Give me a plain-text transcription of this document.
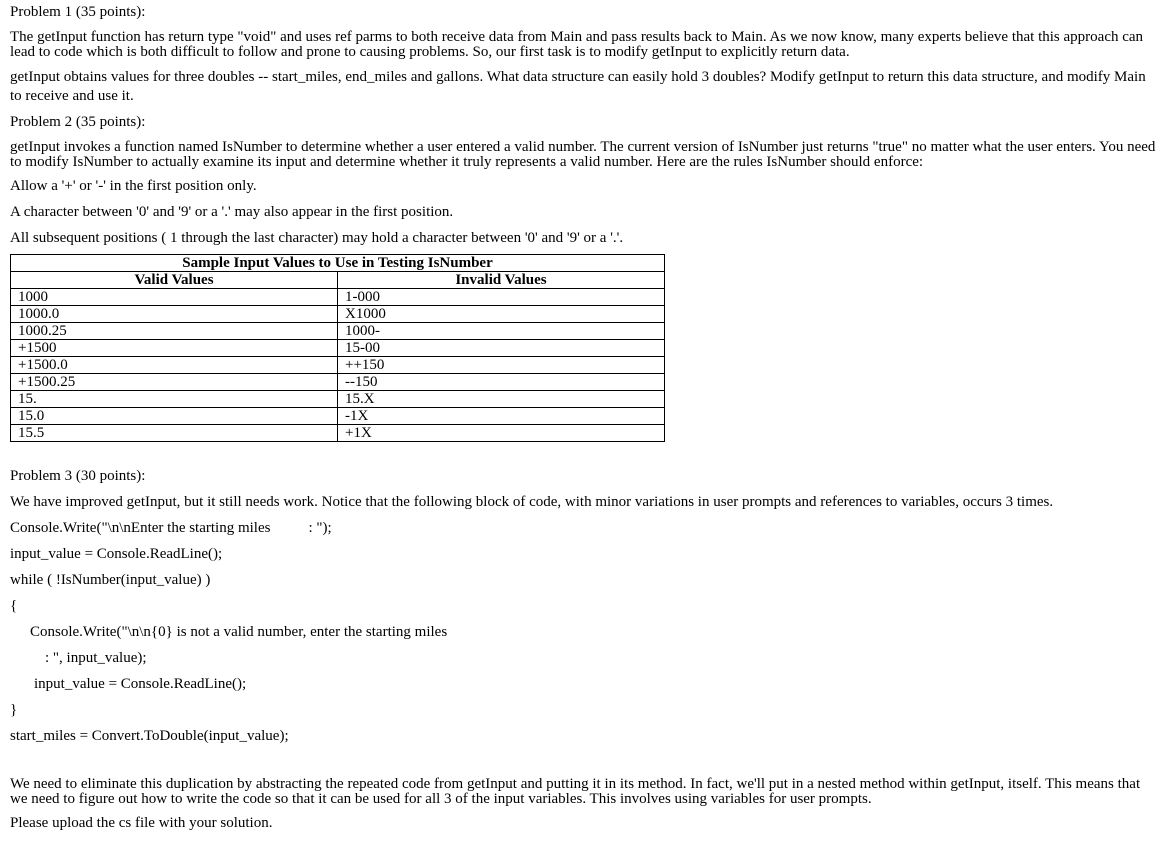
Problem 1 (35 points):

The getInput function has return type "void" and uses ref parms to both receive data from Main and pass results back to Main. As we now know, many experts believe that this approach can lead to code which is both difficult to follow and prone to causing problems. So, our first task is to modify getInput to explicitly return data.

getInput obtains values for three doubles -- start_miles, end_miles and gallons. What data structure can easily hold 3 doubles? Modify getInput to return this data structure, and modify Main to receive and use it.

Problem 2 (35 points):

getInput invokes a function named IsNumber to determine whether a user entered a valid number. The current version of IsNumber just returns "true" no matter what the user enters. You need to modify IsNumber to actually examine its input and determine whether it truly represents a valid number. Here are the rules IsNumber should enforce:

Allow a '+' or '-' in the first position only.

A character between '0' and '9' or a '.' may also appear in the first position.

All subsequent positions ( 1 through the last character) may hold a character between '0' and '9' or a '.'.

Sample Input Values to Use in Testing IsNumber	
Valid Values	Invalid Values
1000	1-000
1000.0	X1000
1000.25	1000-
+1500	15-00
+1500.0	++150
+1500.25	--150
15.	15.X
15.0	-1X
15.5	+1X

Problem 3 (30 points):

We have improved getInput, but it still needs work. Notice that the following block of code, with minor variations in user prompts and references to variables, occurs 3 times.

Console.Write("\n\nEnter the starting miles	: ");

input_value = Console.ReadLine();

while ( !IsNumber(input_value) )

{

Console.Write("\n\n{0} is not a valid number, enter the starting miles

: ", input_value);

input_value = Console.ReadLine();

}

start_miles = Convert.ToDouble(input_value);

We need to eliminate this duplication by abstracting the repeated code from getInput and putting it in its method. In fact, we'll put in a nested method within getInput, itself. This means that we need to figure out how to write the code so that it can be used for all 3 of the input variables. This involves using variables for user prompts.

Please upload the cs file with your solution.
